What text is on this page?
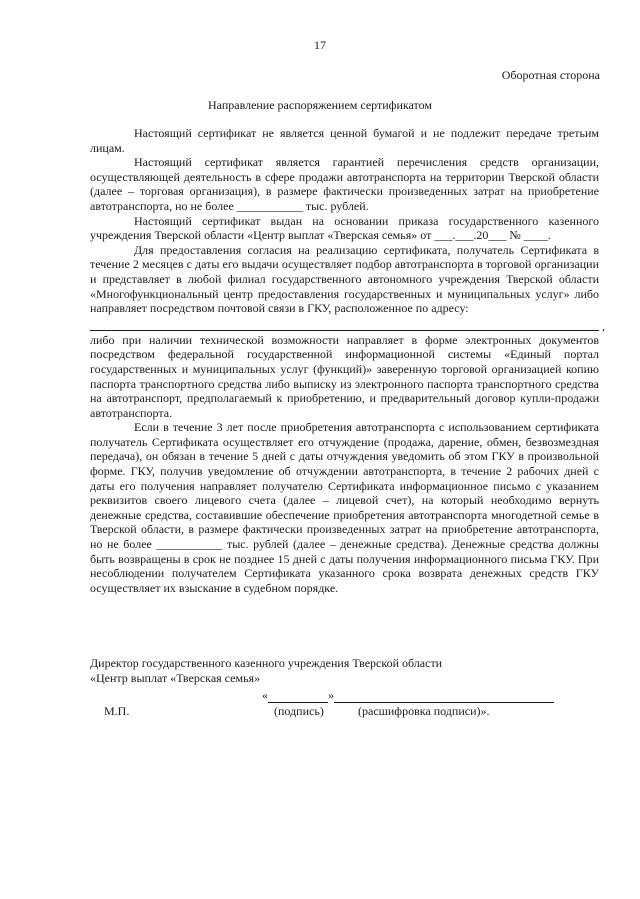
17
Оборотная сторона
Направление распоряжением сертификатом

Настоящий сертификат не является ценной бумагой и не подлежит передаче третьим лицам.

Настоящий сертификат является гарантией перечисления средств организации, осуществляющей деятельность в сфере продажи автотранспорта на территории Тверской области (далее – торговая организация), в размере фактически произведенных затрат на приобретение автотранспорта, но не более ___________ тыс. рублей.

Настоящий сертификат выдан на основании приказа государственного казенного учреждения Тверской области «Центр выплат «Тверская семья» от ___.___.20___ № ____.

Для предоставления согласия на реализацию сертификата, получатель Сертификата в течение 2 месяцев с даты его выдачи осуществляет подбор автотранспорта в торговой организации и представляет в любой филиал государственного автономного учреждения Тверской области «Многофункциональный центр предоставления государственных и муниципальных услуг» либо направляет посредством почтовой связи в ГКУ, расположенное по адресу:

,

либо при наличии технической возможности направляет в форме электронных документов посредством федеральной государственной информационной системы «Единый портал государственных и муниципальных услуг (функций)» заверенную торговой организацией копию паспорта транспортного средства либо выписку из электронного паспорта транспортного средства на автотранспорт, предполагаемый к приобретению, и предварительный договор купли-продажи автотранспорта.

Если в течение 3 лет после приобретения автотранспорта с использованием сертификата получатель Сертификата осуществляет его отчуждение (продажа, дарение, обмен, безвозмездная передача), он обязан в течение 5 дней с даты отчуждения уведомить об этом ГКУ в произвольной форме. ГКУ, получив уведомление об отчуждении автотранспорта, в течение 2 рабочих дней с даты его получения направляет получателю Сертификата информационное письмо с указанием реквизитов своего лицевого счета (далее – лицевой счет), на который необходимо вернуть денежные средства, составившие обеспечение приобретения автотранспорта многодетной семье в Тверской области, в размере фактически произведенных затрат на приобретение автотранспорта, но не более ___________ тыс. рублей (далее – денежные средства). Денежные средства должны быть возвращены в срок не позднее 15 дней с даты получения информационного письма ГКУ. При несоблюдении получателем Сертификата указанного срока возврата денежных средств ГКУ осуществляет их взыскание в судебном порядке.

Директор государственного казенного учреждения Тверской области
«Центр выплат «Тверская семья»
«	»
М.П.	(подпись)	(расшифровка подписи)».
